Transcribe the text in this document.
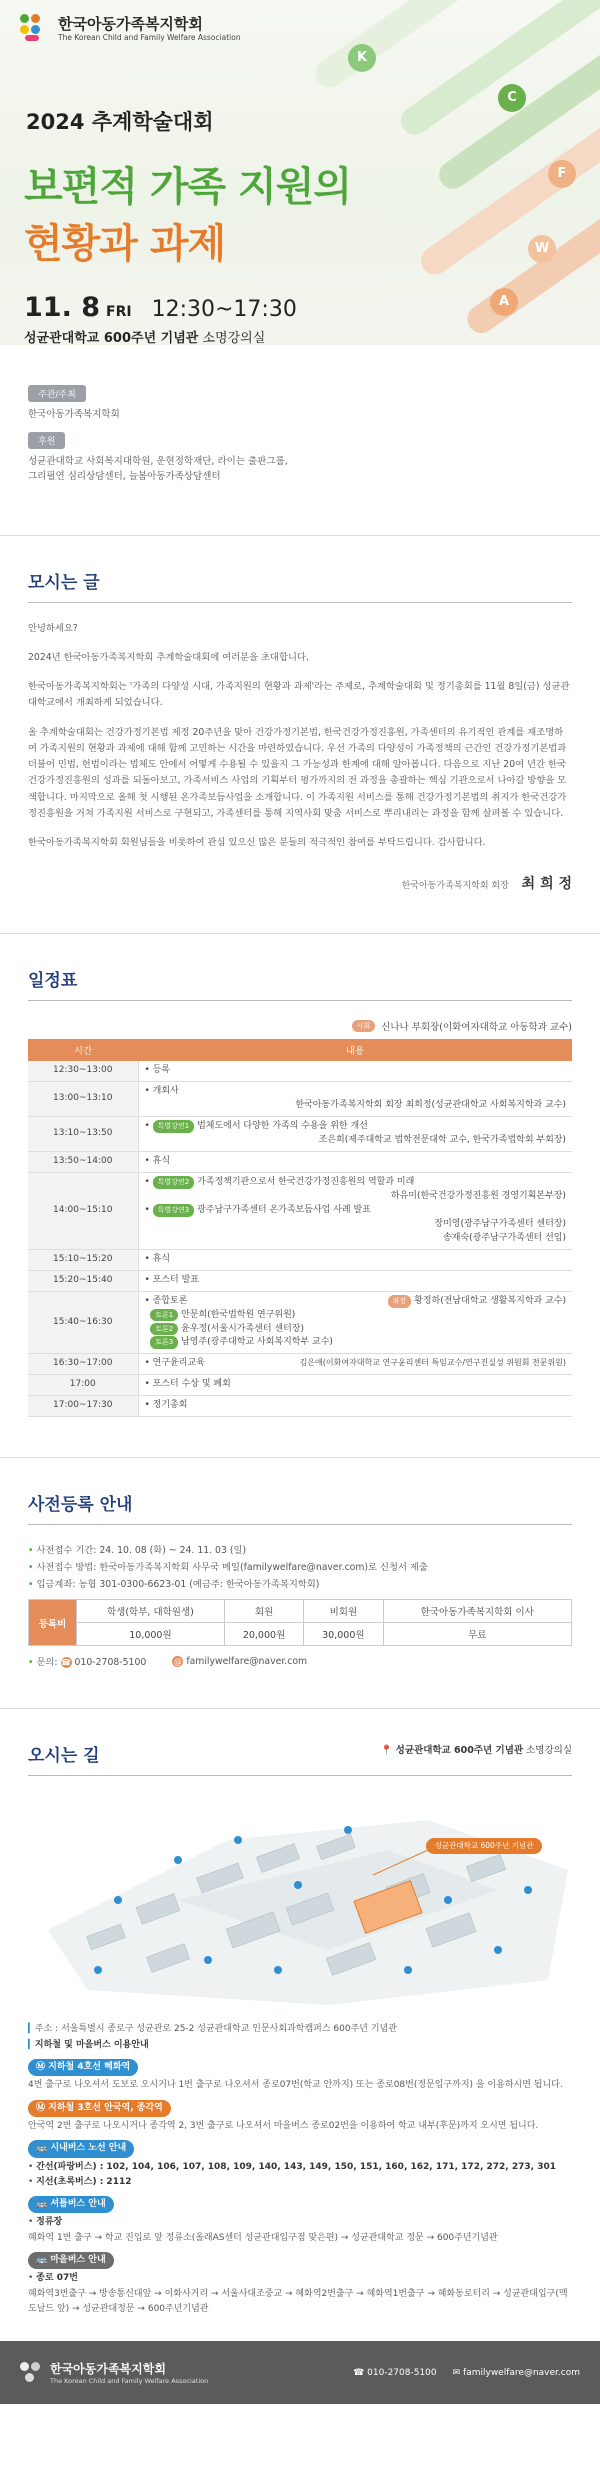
K
C
F
W
A
한국아동가족복지학회
The Korean Child and Family Welfare Association
2024 추계학술대회
보편적 가족 지원의
현황과 과제
11. 8 FRI 12:30~17:30
성균관대학교 600주년 기념관 소명강의실
주관/주최

한국아동가족복지학회

후원

성균관대학교 사회복지대학원, 운현정학재단, 라이는 출판그룹,
그리필연 심리상담센터, 늘봄아동가족상담센터

모시는 글

안녕하세요?

2024년 한국아동가족복지학회 추계학술대회에 여러분을 초대합니다.

한국아동가족복지학회는 '가족의 다양성 시대, 가족지원의 현황과 과제'라는 주제로, 추계학술대회 및 정기총회를 11월 8일(금) 성균관대학교에서 개최하게 되었습니다.

올 추계학술대회는 건강가정기본법 제정 20주년을 맞아 건강가정기본법, 한국건강가정진흥원, 가족센터의 유기적인 관계를 재조명하여 가족지원의 현황과 과제에 대해 함께 고민하는 시간을 마련하였습니다. 우선 가족의 다양성이 가족정책의 근간인 건강가정기본법과 더불어 민법, 헌법이라는 법체도 안에서 어떻게 수용될 수 있을지 그 가능성과 한계에 대해 알아봅니다. 다음으로 지난 20여 년간 한국건강가정진흥원의 성과를 되돌아보고, 가족서비스 사업의 기획부터 평가까지의 전 과정을 총괄하는 핵심 기관으로서 나아갈 방향을 모색합니다. 마지막으로 올해 첫 시행된 온가족보듬사업을 소개합니다. 이 가족지원 서비스를 통해 건강가정기본법의 취지가 한국건강가정진흥원을 거쳐 가족지원 서비스로 구현되고, 가족센터를 통해 지역사회 맞춤 서비스로 뿌리내리는 과정을 함께 살펴볼 수 있습니다.

한국아동가족복지학회 회원님들을 비롯하여 관심 있으신 많은 분들의 적극적인 참여를 부탁드립니다. 감사합니다.

한국아동가족복지학회 회장 최 희 정
일정표
사회	신나나 부회장(이화여자대학교 아동학과 교수)
시간	내용
12:30~13:00	• 등록

13:00~13:10	• 개회사
한국아동가족복지학회 회장 최희정(성균관대학교 사회복지학과 교수)

13:10~13:50	• 특별강연1 법체도에서 다양한 가족의 수용을 위한 개선
조은희(제주대학교 법학전문대학 교수, 한국가족법학회 부회장)

13:50~14:00	• 휴식

14:00~15:10	• 특별강연2 가족정책기관으로서 한국건강가정진흥원의 역할과 미래
하유미(한국건강가정진흥원 경영기획본부장)
• 특별강연3 광주남구가족센터 온가족보듬사업 사례 발표
장미영(광주남구가족센터 센터장)
송재숙(광주남구가족센터 선임)

15:10~15:20	• 휴식

15:20~15:40	• 포스터 발표

15:40~16:30	• 종합토론 좌장 황정하(전남대학교 생활복지학과 교수)
토론1 안문희(한국법학원 연구위원)
토론2 윤우정(서울시가족센터 센터장)
토론3 남영주(광주대학교 사회복지학부 교수)

16:30~17:00	• 연구윤리교육 김은애(이화여자대학교 연구윤리센터 특임교수/연구진실성 위원회 전문위원)

17:00	• 포스터 수상 및 폐회

17:00~17:30	• 정기총회
사전등록 안내
• 사전접수 기간: 24. 10. 08 (화) ~ 24. 11. 03 (일)
• 사전접수 방법: 한국아동가족복지학회 사무국 메일(familywelfare@naver.com)로 신청서 제출
• 입금계좌: 농협 301-0300-6623-01 (예금주: 한국아동가족복지학회)
등록비	학생(학부, 대학원생)	회원	비회원	한국아동가족복지학회 이사
	10,000원	20,000원	30,000원	무료
• 문의: ☎ 010-2708-5100	@ familywelfare@naver.com
오시는 길	📍 성균관대학교 600주년 기념관 소명강의실
성균관대학교 600주년 기념관
▎주소 : 서울특별시 종로구 성균관로 25-2 성균관대학교 인문사회과학캠퍼스 600주년 기념관
▎지하철 및 마을버스 이용안내
Ⓜ 지하철 4호선 혜화역
4번 출구로 나오셔서 도보로 오시거나 1번 출구로 나오셔서 종로07번(학교 안까지) 또는 종로08번(정문입구까지) 을 이용하시면 됩니다.
Ⓜ 지하철 3호선 안국역, 종각역
안국역 2번 출구로 나오시거나 종각역 2, 3번 출구로 나오셔서 마을버스 종로02번을 이용하여 학교 내부(후문)까지 오시면 됩니다.
🚌 시내버스 노선 안내
• 간선(파랑버스) : 102, 104, 106, 107, 108, 109, 140, 143, 149, 150, 151, 160, 162, 171, 172, 272, 273, 301
• 지선(초록버스) : 2112
🚌 셔틀버스 안내
• 정류장
혜화역 1번 출구 → 학교 진입로 앞 정류소(올래AS센터 성균관대입구점 맞은편) → 성균관대학교 정문 → 600주년기념관
🚌 마을버스 안내
• 종로 07번
혜화역3번출구 → 방송통신대앞 → 이화사거리 → 서울사대조중교 → 혜화역2번출구 → 혜화역1번출구 → 혜화동로터리 → 성균관대입구(맥도날드 앞) → 성균관대정문 → 600주년기념관
한국아동가족복지학회
The Korean Child and Family Welfare Association
☎ 010-2708-5100 ✉ familywelfare@naver.com
